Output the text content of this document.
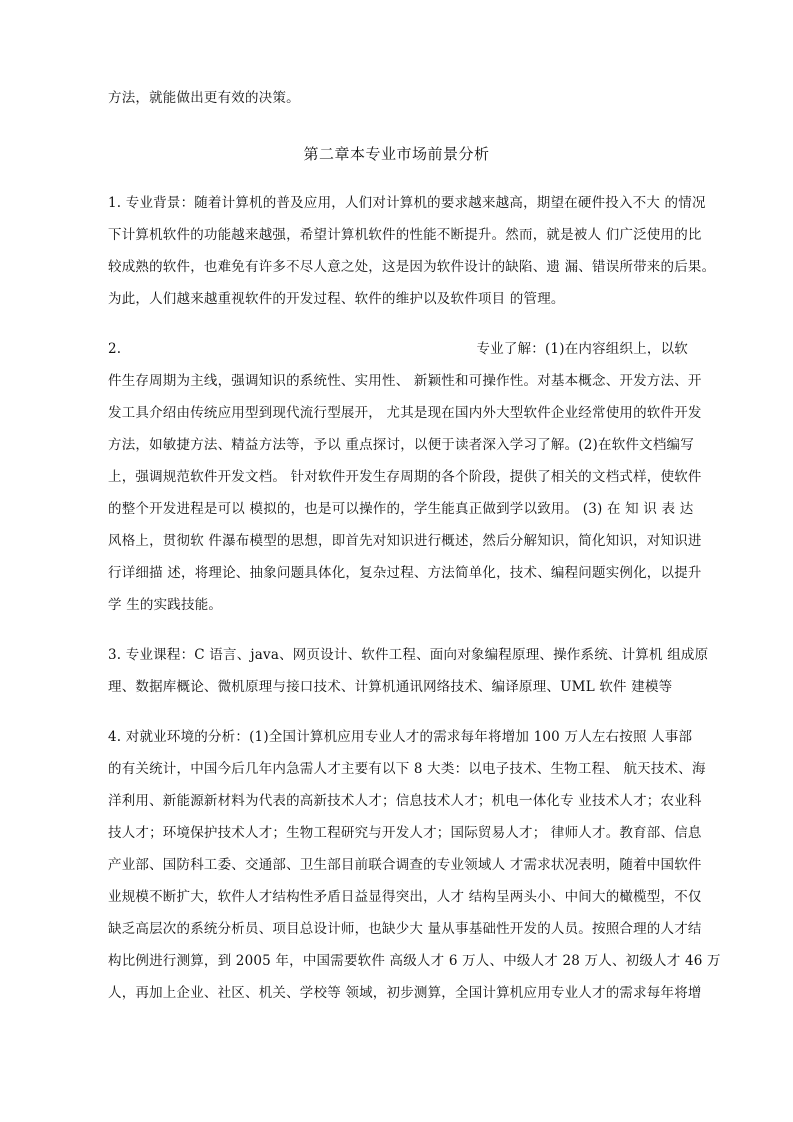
方法，就能做出更有效的决策。
第二章本专业市场前景分析
1. 专业背景：随着计算机的普及应用，人们对计算机的要求越来越高，期望在硬件投入不大 的情况
下计算机软件的功能越来越强，希望计算机软件的性能不断提升。然而，就是被人 们广泛使用的比
较成熟的软件，也难免有许多不尽人意之处，这是因为软件设计的缺陷、遗 漏、错误所带来的后果。
为此，人们越来越重视软件的开发过程、软件的维护以及软件项目 的管理。
2.	专业了解：(1)在内容组织上，以软
件生存周期为主线，强调知识的系统性、实用性、 新颖性和可操作性。对基本概念、开发方法、开
发工具介绍由传统应用型到现代流行型展开， 尤其是现在国内外大型软件企业经常使用的软件开发
方法，如敏捷方法、精益方法等，予以 重点探讨，以便于读者深入学习了解。(2)在软件文档编写
上，强调规范软件开发文档。 针对软件开发生存周期的各个阶段，提供了相关的文档式样，使软件
的整个开发进程是可以 模拟的，也是可以操作的，学生能真正做到学以致用。 (3) 在 知 识 表 达
风格上，贯彻软 件瀑布模型的思想，即首先对知识进行概述，然后分解知识，简化知识，对知识进
行详细描 述，将理论、抽象问题具体化，复杂过程、方法简单化，技术、编程问题实例化，以提升
学 生的实践技能。
3. 专业课程：C 语言、java、网页设计、软件工程、面向对象编程原理、操作系统、计算机 组成原
理、数据库概论、微机原理与接口技术、计算机通讯网络技术、编译原理、UML 软件 建模等
4. 对就业环境的分析：(1)全国计算机应用专业人才的需求每年将增加 100 万人左右按照 人事部
的有关统计，中国今后几年内急需人才主要有以下 8 大类：以电子技术、生物工程、 航天技术、海
洋利用、新能源新材料为代表的高新技术人才；信息技术人才；机电一体化专 业技术人才；农业科
技人才；环境保护技术人才；生物工程研究与开发人才；国际贸易人才； 律师人才。教育部、信息
产业部、国防科工委、交通部、卫生部目前联合调查的专业领域人 才需求状况表明，随着中国软件
业规模不断扩大，软件人才结构性矛盾日益显得突出，人才 结构呈两头小、中间大的橄榄型，不仅
缺乏高层次的系统分析员、项目总设计师，也缺少大 量从事基础性开发的人员。按照合理的人才结
构比例进行测算，到 2005 年，中国需要软件 高级人才 6 万人、中级人才 28 万人、初级人才 46 万
人，再加上企业、社区、机关、学校等 领域，初步测算，全国计算机应用专业人才的需求每年将增
